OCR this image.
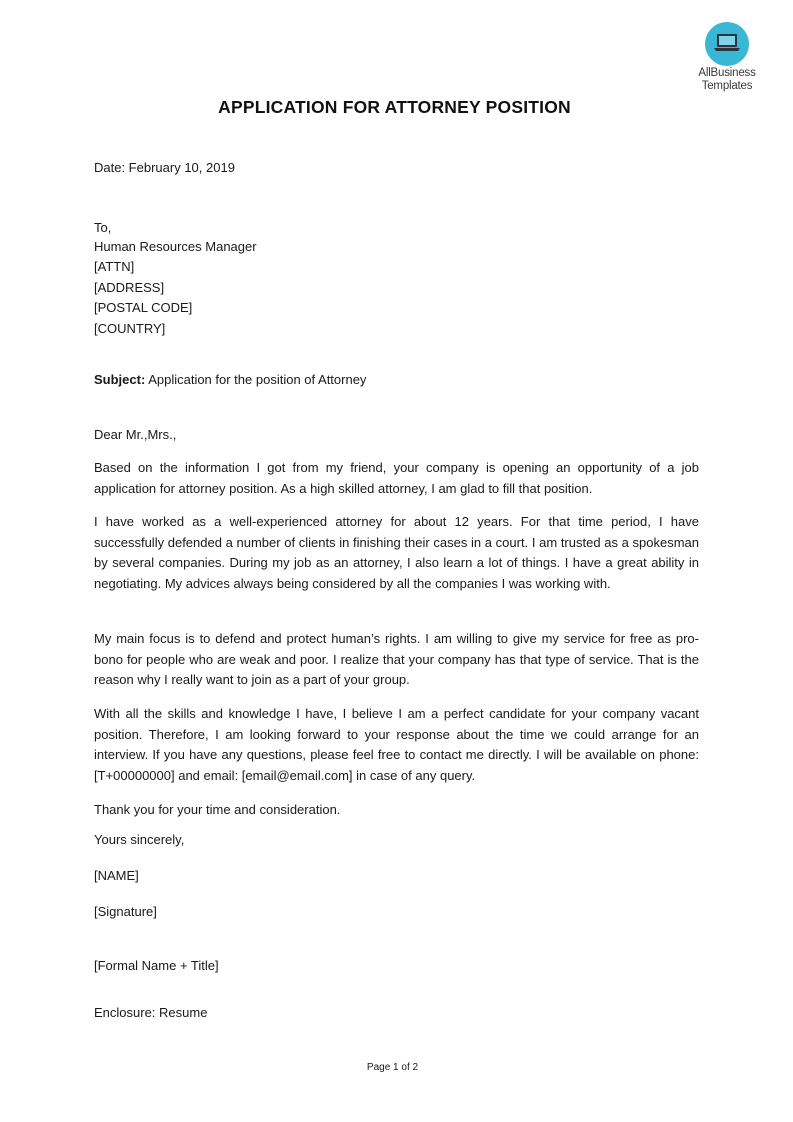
AllBusiness
Templates
APPLICATION FOR ATTORNEY POSITION
Date: February 10, 2019
To,
Human Resources Manager
[ATTN]
[ADDRESS]
[POSTAL CODE]
[COUNTRY]
Subject: Application for the position of Attorney
Dear Mr.,Mrs.,
Based on the information I got from my friend, your company is opening an opportunity of a job application for attorney position. As a high skilled attorney, I am glad to fill that position.
I have worked as a well-experienced attorney for about 12 years. For that time period, I have successfully defended a number of clients in finishing their cases in a court. I am trusted as a spokesman by several companies. During my job as an attorney, I also learn a lot of things. I have a great ability in negotiating. My advices always being considered by all the companies I was working with.
My main focus is to defend and protect human’s rights. I am willing to give my service for free as pro-bono for people who are weak and poor. I realize that your company has that type of service. That is the reason why I really want to join as a part of your group.
With all the skills and knowledge I have, I believe I am a perfect candidate for your company vacant position. Therefore, I am looking forward to your response about the time we could arrange for an interview. If you have any questions, please feel free to contact me directly. I will be available on phone: [T+00000000] and email: [email@email.com] in case of any query.
Thank you for your time and consideration.
Yours sincerely,
[NAME]
[Signature]
[Formal Name + Title]
Enclosure: Resume
Page 1 of 2
